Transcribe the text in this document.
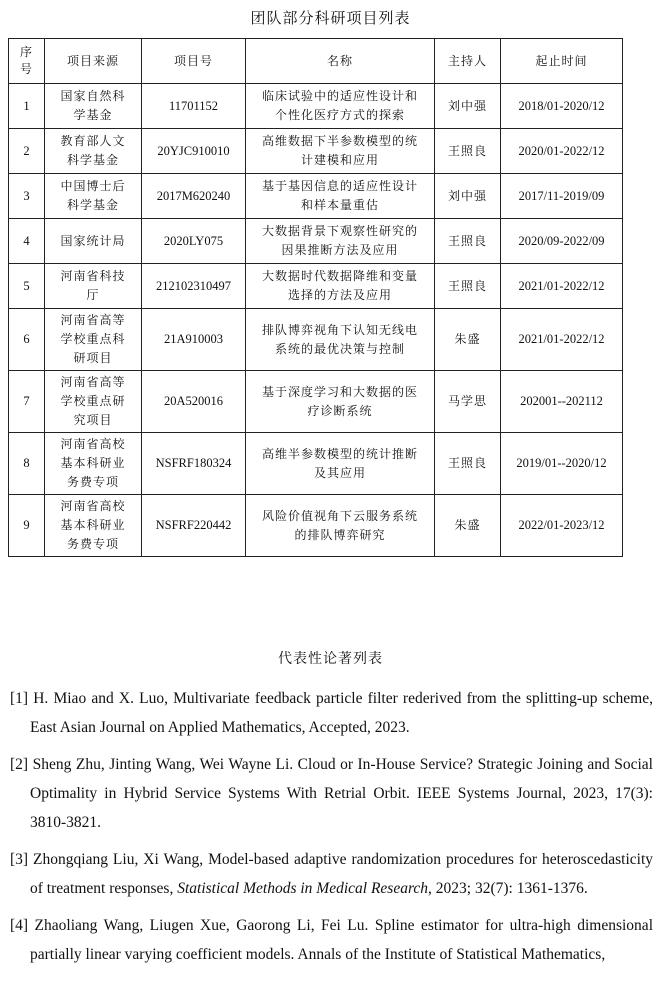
团队部分科研项目列表
序
号	项目来源	项目号	名称	主持人	起止时间
1	国家自然科
学基金	11701152	临床试验中的适应性设计和
个性化医疗方式的探索	刘中强	2018/01-2020/12
2	教育部人文
科学基金	20YJC910010	高维数据下半参数模型的统
计建模和应用	王照良	2020/01-2022/12
3	中国博士后
科学基金	2017M620240	基于基因信息的适应性设计
和样本量重估	刘中强	2017/11-2019/09
4	国家统计局	2020LY075	大数据背景下观察性研究的
因果推断方法及应用	王照良	2020/09-2022/09
5	河南省科技
厅	212102310497	大数据时代数据降维和变量
选择的方法及应用	王照良	2021/01-2022/12
6	河南省高等
学校重点科
研项目	21A910003	排队博弈视角下认知无线电
系统的最优决策与控制	朱盛	2021/01-2022/12
7	河南省高等
学校重点研
究项目	20A520016	基于深度学习和大数据的医
疗诊断系统	马学思	202001--202112
8	河南省高校
基本科研业
务费专项	NSFRF180324	高维半参数模型的统计推断
及其应用	王照良	2019/01--2020/12
9	河南省高校
基本科研业
务费专项	NSFRF220442	风险价值视角下云服务系统
的排队博弈研究	朱盛	2022/01-2023/12
代表性论著列表
[1] H. Miao and X. Luo, Multivariate feedback particle filter rederived from the splitting-up scheme, East Asian Journal on Applied Mathematics, Accepted, 2023.
[2] Sheng Zhu, Jinting Wang, Wei Wayne Li. Cloud or In-House Service? Strategic Joining and Social Optimality in Hybrid Service Systems With Retrial Orbit. IEEE Systems Journal, 2023, 17(3): 3810-3821.
[3] Zhongqiang Liu, Xi Wang, Model-based adaptive randomization procedures for heteroscedasticity of treatment responses, Statistical Methods in Medical Research, 2023; 32(7): 1361-1376.
[4] Zhaoliang Wang, Liugen Xue, Gaorong Li, Fei Lu. Spline estimator for ultra-high dimensional partially linear varying coefficient models. Annals of the Institute of Statistical Mathematics,
